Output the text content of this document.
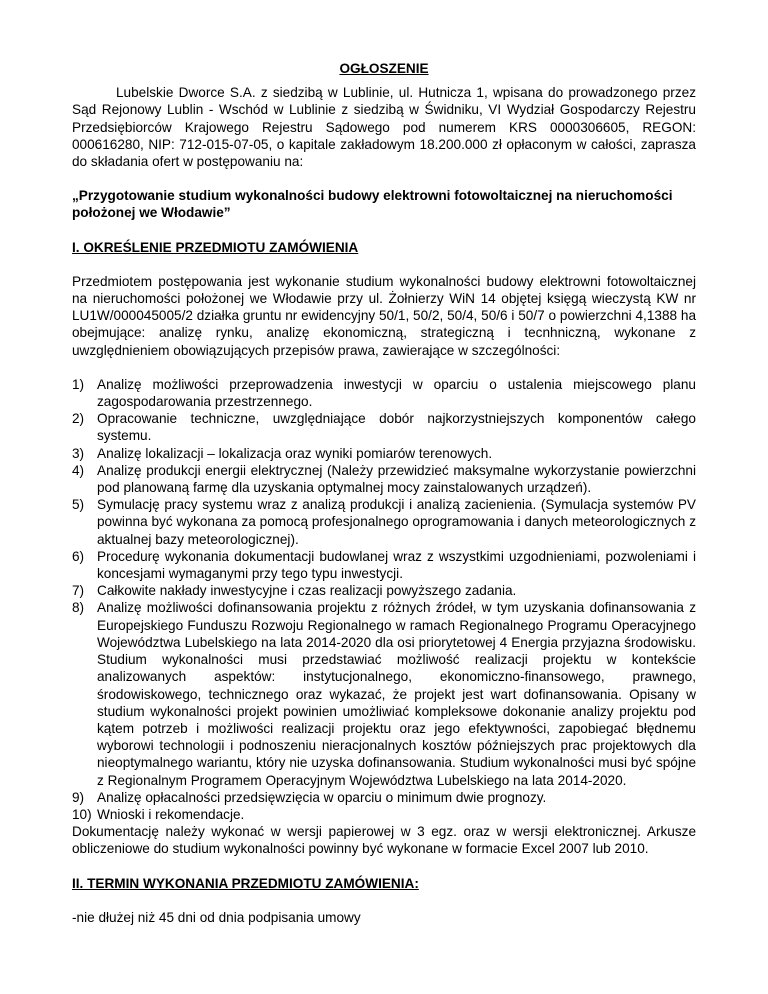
OGŁOSZENIE

Lubelskie Dworce S.A. z siedzibą w Lublinie, ul. Hutnicza 1, wpisana do prowadzonego przez Sąd Rejonowy Lublin - Wschód w Lublinie z siedzibą w Świdniku, VI Wydział Gospodarczy Rejestru Przedsiębiorców Krajowego Rejestru Sądowego pod numerem KRS 0000306605, REGON: 000616280, NIP: 712-015-07-05, o kapitale zakładowym 18.200.000 zł opłaconym w całości, zaprasza do składania ofert w postępowaniu na:

„Przygotowanie studium wykonalności budowy elektrowni fotowoltaicznej na nieruchomości położonej we Włodawie”

I. OKREŚLENIE PRZEDMIOTU ZAMÓWIENIA

Przedmiotem postępowania jest wykonanie studium wykonalności budowy elektrowni fotowoltaicznej na nieruchomości położonej we Włodawie przy ul. Żołnierzy WiN 14 objętej księgą wieczystą KW nr LU1W/000045005/2 działka gruntu nr ewidencyjny 50/1, 50/2, 50/4, 50/6 i 50/7 o powierzchni 4,1388 ha obejmujące: analizę rynku, analizę ekonomiczną, strategiczną i tecnhniczną, wykonane z uwzględnieniem obowiązujących przepisów prawa, zawierające w szczególności:

1) Analizę możliwości przeprowadzenia inwestycji w oparciu o ustalenia miejscowego planu zagospodarowania przestrzennego.
2) Opracowanie techniczne, uwzględniające dobór najkorzystniejszych komponentów całego systemu.
3) Analizę lokalizacji – lokalizacja oraz wyniki pomiarów terenowych.
4) Analizę produkcji energii elektrycznej (Należy przewidzieć maksymalne wykorzystanie powierzchni pod planowaną farmę dla uzyskania optymalnej mocy zainstalowanych urządzeń).
5) Symulację pracy systemu wraz z analizą produkcji i analizą zacienienia. (Symulacja systemów PV powinna być wykonana za pomocą profesjonalnego oprogramowania i danych meteorologicznych z aktualnej bazy meteorologicznej).
6) Procedurę wykonania dokumentacji budowlanej wraz z wszystkimi uzgodnieniami, pozwoleniami i koncesjami wymaganymi przy tego typu inwestycji.
7) Całkowite nakłady inwestycyjne i czas realizacji powyższego zadania.
8) Analizę możliwości dofinansowania projektu z różnych źródeł, w tym uzyskania dofinansowania z Europejskiego Funduszu Rozwoju Regionalnego w ramach Regionalnego Programu Operacyjnego Województwa Lubelskiego na lata 2014-2020 dla osi priorytetowej 4 Energia przyjazna środowisku. Studium wykonalności musi przedstawiać możliwość realizacji projektu w kontekście analizowanych aspektów: instytucjonalnego, ekonomiczno-finansowego, prawnego, środowiskowego, technicznego oraz wykazać, że projekt jest wart dofinansowania. Opisany w studium wykonalności projekt powinien umożliwiać kompleksowe dokonanie analizy projektu pod kątem potrzeb i możliwości realizacji projektu oraz jego efektywności, zapobiegać błędnemu wyborowi technologii i podnoszeniu nieracjonalnych kosztów późniejszych prac projektowych dla nieoptymalnego wariantu, który nie uzyska dofinansowania. Studium wykonalności musi być spójne z Regionalnym Programem Operacyjnym Województwa Lubelskiego na lata 2014-2020.
9) Analizę opłacalności przedsięwzięcia w oparciu o minimum dwie prognozy.
10) Wnioski i rekomendacje.

Dokumentację należy wykonać w wersji papierowej w 3 egz. oraz w wersji elektronicznej. Arkusze obliczeniowe do studium wykonalności powinny być wykonane w formacie Excel 2007 lub 2010.

II. TERMIN WYKONANIA PRZEDMIOTU ZAMÓWIENIA:

-nie dłużej niż 45 dni od dnia podpisania umowy
